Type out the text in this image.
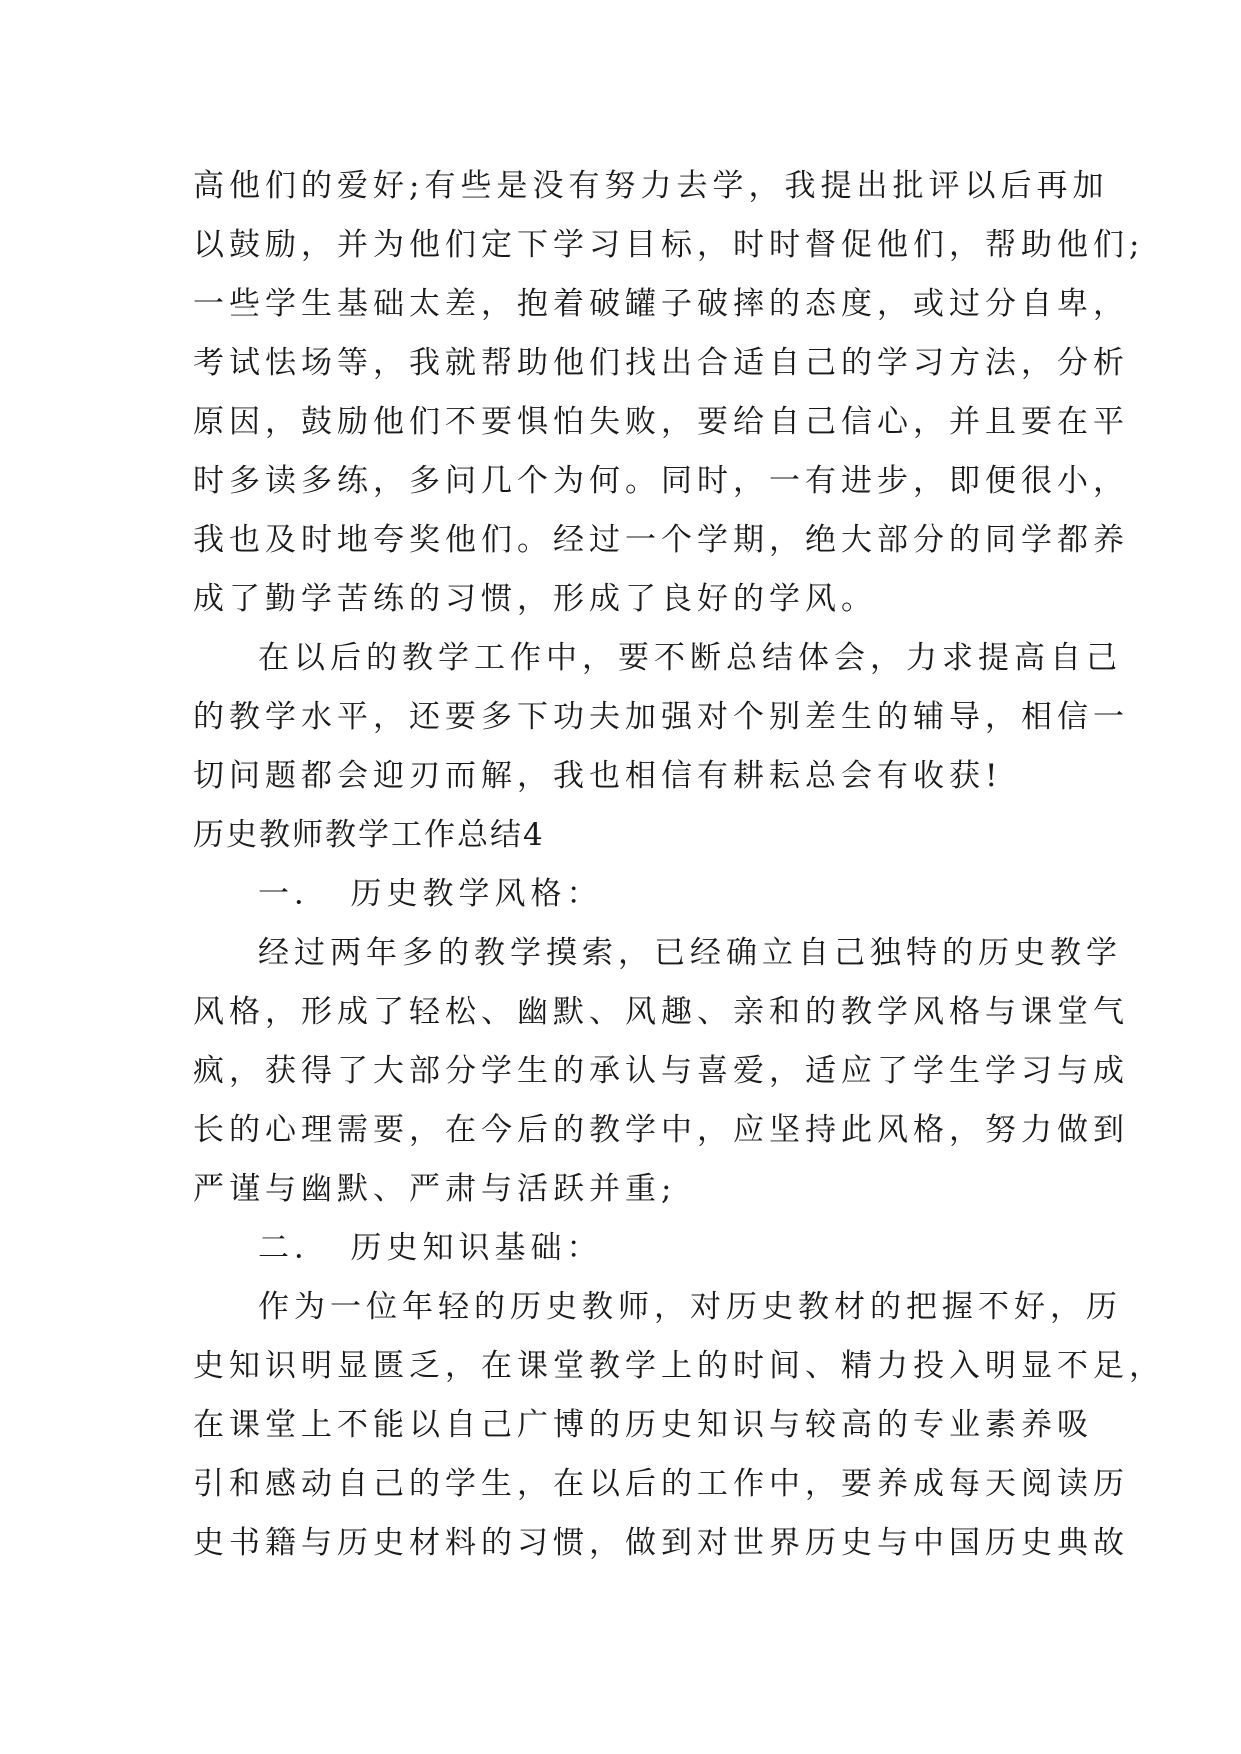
高他们的爱好;有些是没有努力去学，我提出批评以后再加
以鼓励，并为他们定下学习目标，时时督促他们，帮助他们;
一些学生基础太差，抱着破罐子破摔的态度，或过分自卑，
考试怯场等，我就帮助他们找出合适自己的学习方法，分析
原因，鼓励他们不要惧怕失败，要给自己信心，并且要在平
时多读多练，多问几个为何。同时，一有进步，即便很小，
我也及时地夸奖他们。经过一个学期，绝大部分的同学都养
成了勤学苦练的习惯，形成了良好的学风。
在以后的教学工作中，要不断总结体会，力求提高自己
的教学水平，还要多下功夫加强对个别差生的辅导，相信一
切问题都会迎刃而解，我也相信有耕耘总会有收获!
历史教师教学工作总结4
一．　历史教学风格：
经过两年多的教学摸索，已经确立自己独特的历史教学
风格，形成了轻松、幽默、风趣、亲和的教学风格与课堂气
疯，获得了大部分学生的承认与喜爱，适应了学生学习与成
长的心理需要，在今后的教学中，应坚持此风格，努力做到
严谨与幽默、严肃与活跃并重;
二．　历史知识基础：
作为一位年轻的历史教师，对历史教材的把握不好，历
史知识明显匮乏，在课堂教学上的时间、精力投入明显不足，
在课堂上不能以自己广博的历史知识与较高的专业素养吸
引和感动自己的学生，在以后的工作中，要养成每天阅读历
史书籍与历史材料的习惯，做到对世界历史与中国历史典故
